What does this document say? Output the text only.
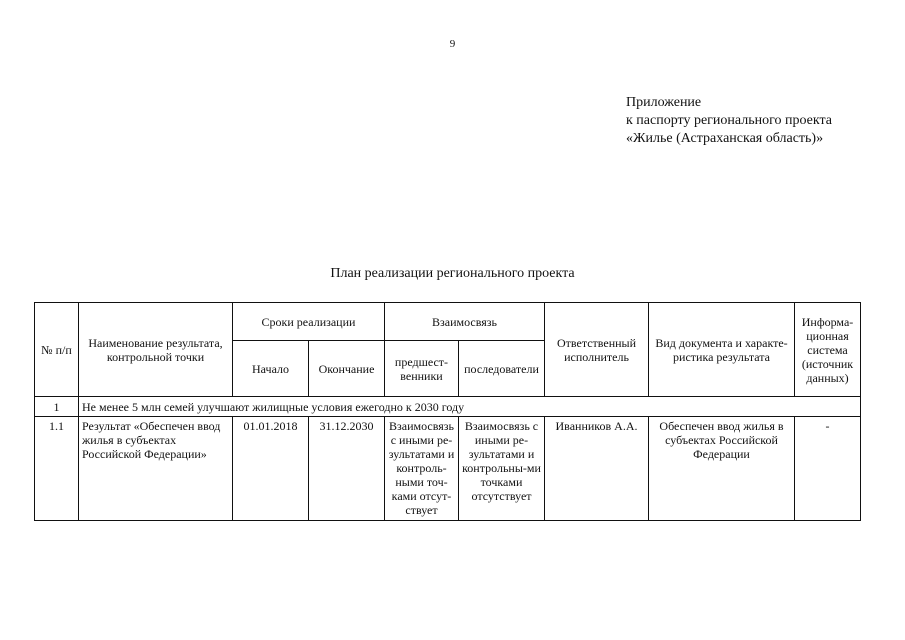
9
Приложение
к паспорту регионального проекта
«Жилье (Астраханская область)»
План реализации регионального проекта
№ п/п	Наименование результата, контрольной точки	Сроки реализации		Взаимосвязь		Ответственный исполнитель	Вид документа и характе-ристика результата	Информа-ционная система (источник данных)
		Начало	Окончание	предшест-венники	последователи			
1	Не менее 5 млн семей улучшают жилищные условия ежегодно к 2030 году							
1.1	Результат «Обеспечен ввод жилья в субъектах Российской Федерации»	01.01.2018	31.12.2030	Взаимосвязь с иными ре-зультатами и контроль-ными точ-ками отсут-ствует	Взаимосвязь с иными ре-зультатами и контрольны-ми точками отсутствует	Иванников А.А.	Обеспечен ввод жилья в субъектах Российской Федерации	-
